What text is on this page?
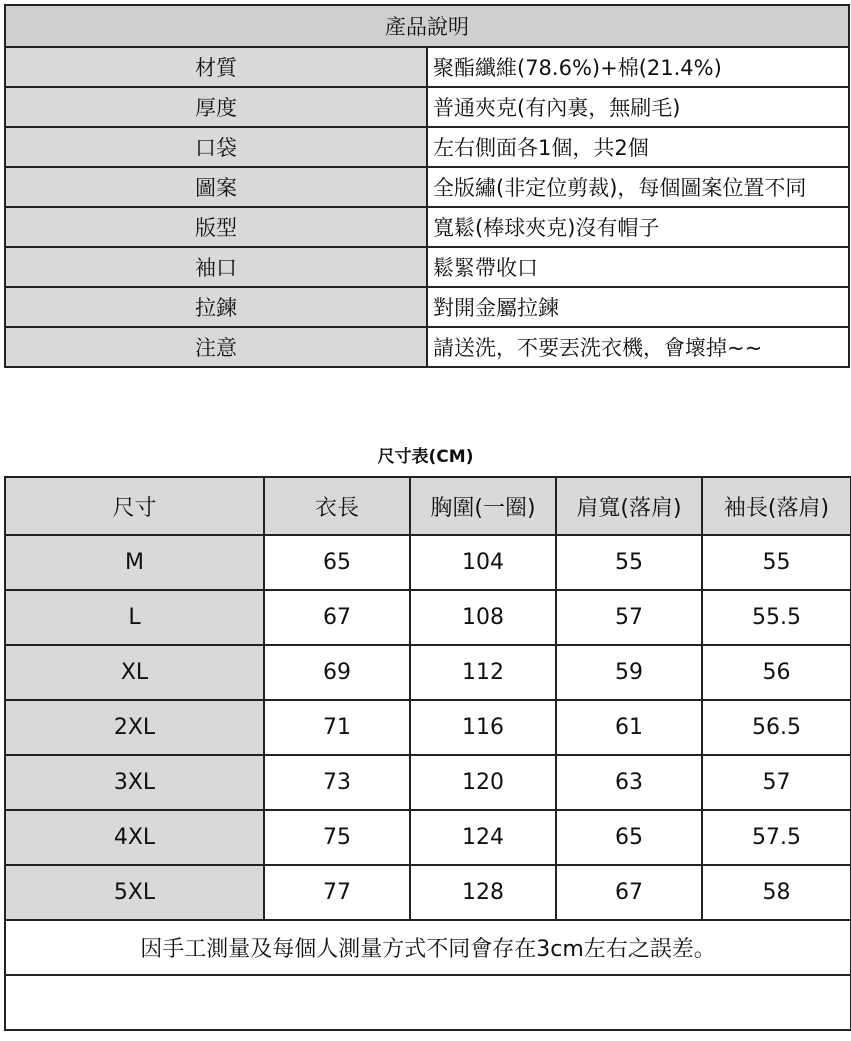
產品說明	
材質	聚酯纖維(78.6%)+棉(21.4%)
厚度	普通夾克(有內裏，無刷毛)
口袋	左右側面各1個，共2個
圖案	全版繡(非定位剪裁)，每個圖案位置不同
版型	寬鬆(棒球夾克)沒有帽子
袖口	鬆緊帶收口
拉鍊	對開金屬拉鍊
注意	請送洗，不要丟洗衣機，會壞掉~~
尺寸表(CM)
尺寸	衣長	胸圍(一圈)	肩寬(落肩)	袖長(落肩)
M	65	104	55	55
L	67	108	57	55.5
XL	69	112	59	56
2XL	71	116	61	56.5
3XL	73	120	63	57
4XL	75	124	65	57.5
5XL	77	128	67	58
因手工測量及每個人測量方式不同會存在3cm左右之誤差。				
